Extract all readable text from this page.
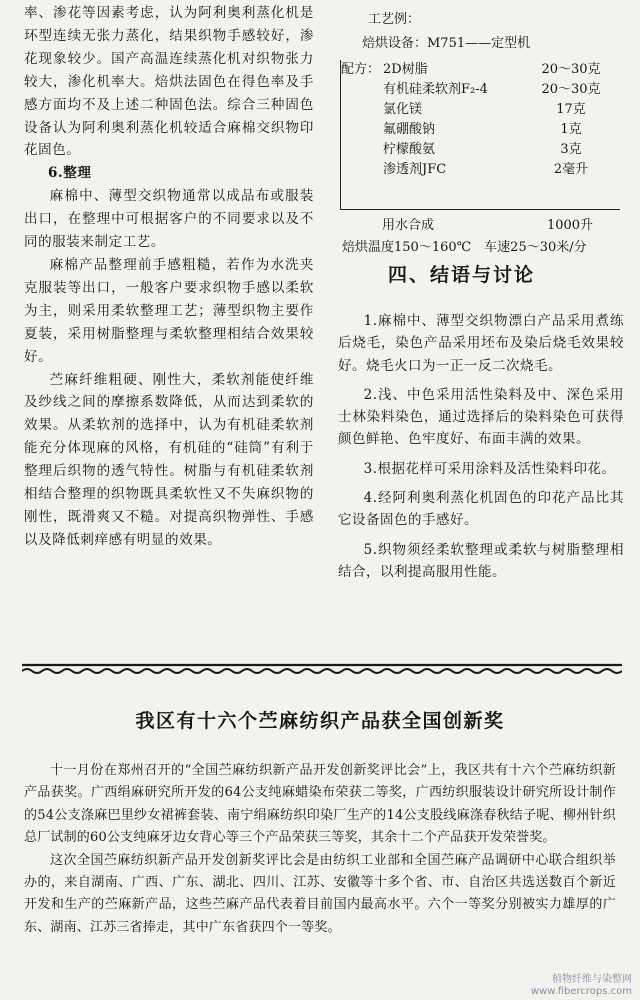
率、渗花等因素考虑，认为阿利奥利蒸化机是环型连续无张力蒸化，结果织物手感较好，渗花现象较少。国产高温连续蒸化机对织物张力较大，渗化机率大。焙烘法固色在得色率及手感方面均不及上述二种固色法。综合三种固色设备认为阿利奥利蒸化机较适合麻棉交织物印花固色。

6.整理

麻棉中、薄型交织物通常以成品布或服装出口，在整理中可根据客户的不同要求以及不同的服装来制定工艺。

麻棉产品整理前手感粗糙，若作为水洗夹克服装等出口，一般客户要求织物手感以柔软为主，则采用柔软整理工艺；薄型织物主要作夏装，采用树脂整理与柔软整理相结合效果较好。

苎麻纤维粗硬、刚性大，柔软剂能使纤维及纱线之间的摩擦系数降低，从而达到柔软的效果。从柔软剂的选择中，认为有机硅柔软剂能充分体现麻的风格，有机硅的“硅筒”有利于整理后织物的透气特性。树脂与有机硅柔软剂相结合整理的织物既具柔软性又不失麻织物的刚性，既滑爽又不糙。对提高织物弹性、手感以及降低刺痒感有明显的效果。

工艺例：
焙烘设备：M751——定型机
配方： 2D树脂	20～30克
有机硅柔软剂F₂-4	20～30克
氯化镁	17克
氟硼酸钠	1克
柠檬酸氨	3克
渗透剂JFC	2毫升
用水合成	1000升
焙烘温度150～160℃　车速25～30米/分
四、结语与讨论

1.麻棉中、薄型交织物漂白产品采用煮练后烧毛，染色产品采用坯布及染后烧毛效果较好。烧毛火口为一正一反二次烧毛。

2.浅、中色采用活性染料及中、深色采用士林染料染色，通过选择后的染料染色可获得颜色鲜艳、色牢度好、布面丰满的效果。

3.根据花样可采用涂料及活性染料印花。

4.经阿利奥利蒸化机固色的印花产品比其它设备固色的手感好。

5.织物须经柔软整理或柔软与树脂整理相结合，以利提高服用性能。

我区有十六个苎麻纺织产品获全国创新奖

十一月份在郑州召开的“全国苎麻纺织新产品开发创新奖评比会”上，我区共有十六个苎麻纺织新产品获奖。广西绢麻研究所开发的64公支纯麻蜡染布荣获二等奖，广西纺织服装设计研究所设计制作的54公支涤麻巴里纱女裙裤套装、南宁绢麻纺织印染厂生产的14公支股线麻涤春秋结子呢、柳州针织总厂试制的60公支纯麻牙边女背心等三个产品荣获三等奖，其余十二个产品获开发荣誉奖。

这次全国苎麻纺织新产品开发创新奖评比会是由纺织工业部和全国苎麻产品调研中心联合组织举办的，来自湖南、广西、广东、湖北、四川、江苏、安徽等十多个省、市、自治区共选送数百个新近开发和生产的苎麻新产品，这些苎麻产品代表着目前国内最高水平。六个一等奖分别被实力雄厚的广东、湖南、江苏三省捧走，其中广东省获四个一等奖。

植物纤维与染整网
www.fibercrops.com
